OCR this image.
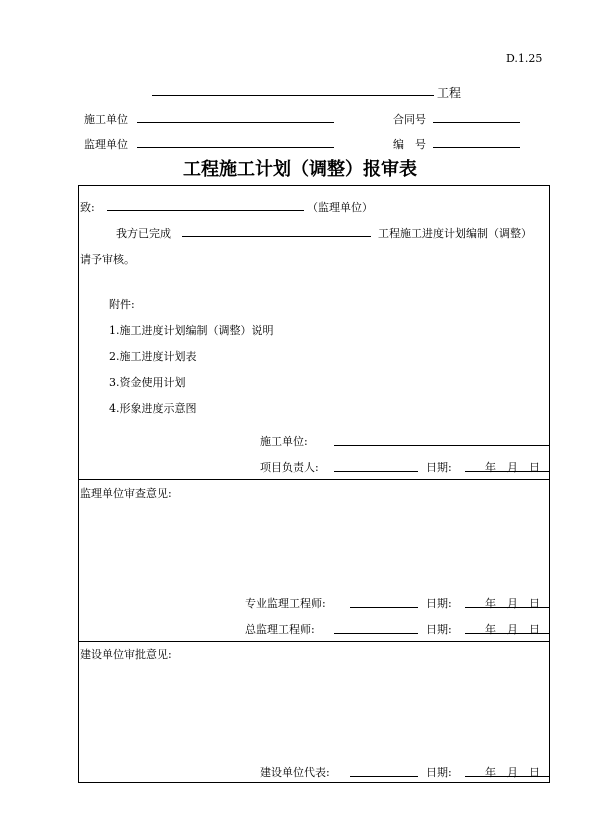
D.1.25
工程
施工单位	合同号
监理单位	编　号
工程施工计划（调整）报审表
致:	（监理单位）
我方已完成	工程施工进度计划编制（调整）
请予审核。
附件:
1.施工进度计划编制（调整）说明
2.施工进度计划表
3.资金使用计划
4.形象进度示意图
施工单位:
项目负责人:	日期:	年　月　日
监理单位审查意见:
专业监理工程师:	日期:	年　月　日
总监理工程师:	日期:	年　月　日
建设单位审批意见:
建设单位代表:	日期:	年　月　日
